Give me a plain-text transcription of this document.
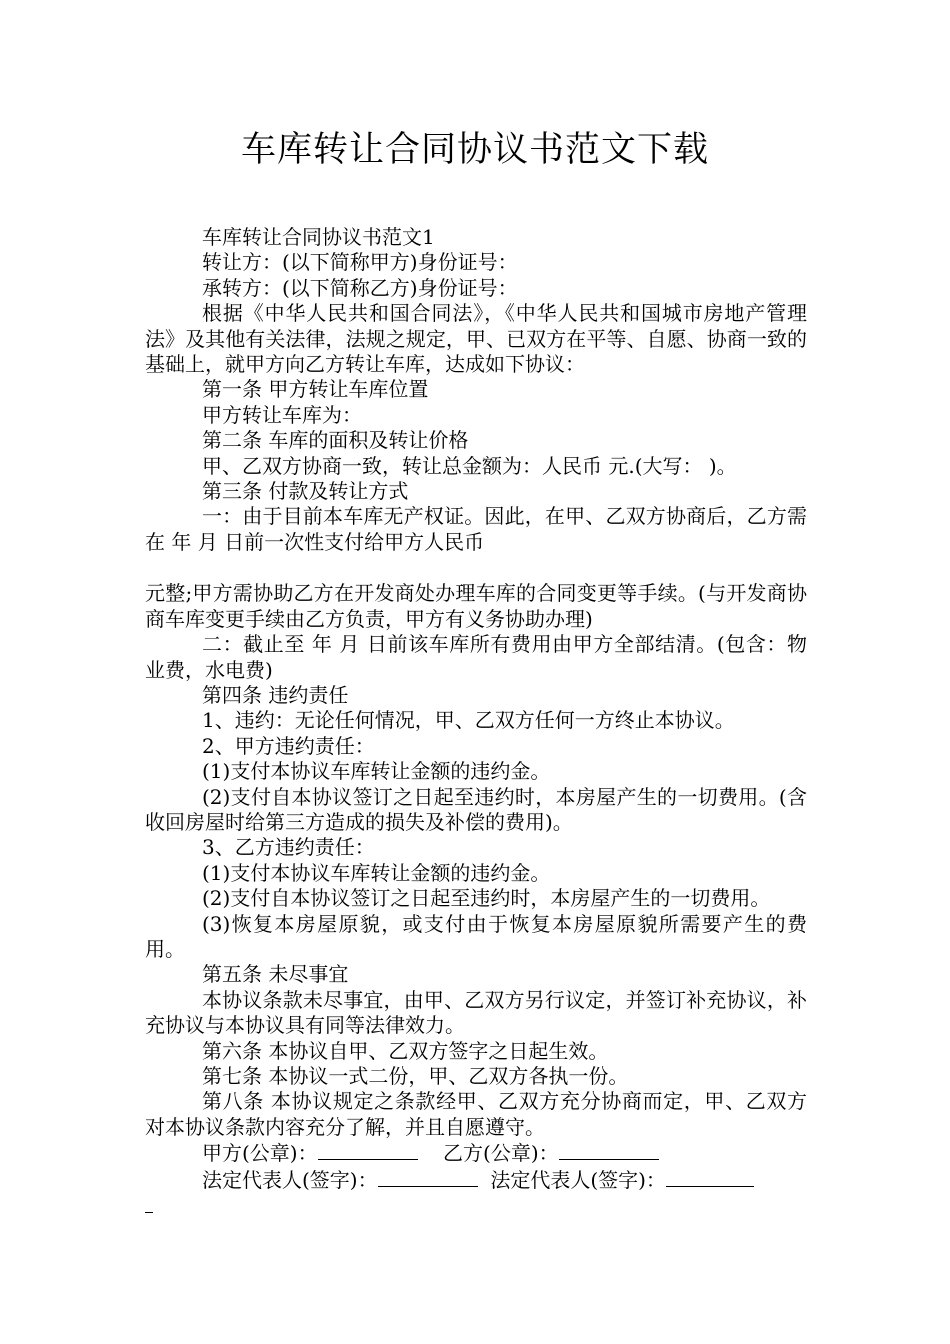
车库转让合同协议书范文下载

车库转让合同协议书范文1

转让方：(以下简称甲方)身份证号：

承转方：(以下简称乙方)身份证号：

根据《中华人民共和国合同法》，《中华人民共和国城市房地产管理法》及其他有关法律，法规之规定，甲、已双方在平等、自愿、协商一致的基础上，就甲方向乙方转让车库，达成如下协议：

第一条 甲方转让车库位置

甲方转让车库为：

第二条 车库的面积及转让价格

甲、乙双方协商一致，转让总金额为：人民币 元.(大写： )。

第三条 付款及转让方式

一：由于目前本车库无产权证。因此，在甲、乙双方协商后，乙方需在 年 月 日前一次性支付给甲方人民币

元整;甲方需协助乙方在开发商处办理车库的合同变更等手续。(与开发商协商车库变更手续由乙方负责，甲方有义务协助办理)

二：截止至 年 月 日前该车库所有费用由甲方全部结清。(包含：物业费，水电费)

第四条 违约责任

1、违约：无论任何情况，甲、乙双方任何一方终止本协议。

2、甲方违约责任：

(1)支付本协议车库转让金额的违约金。

(2)支付自本协议签订之日起至违约时，本房屋产生的一切费用。(含收回房屋时给第三方造成的损失及补偿的费用)。

3、乙方违约责任：

(1)支付本协议车库转让金额的违约金。

(2)支付自本协议签订之日起至违约时，本房屋产生的一切费用。

(3)恢复本房屋原貌，或支付由于恢复本房屋原貌所需要产生的费用。

第五条 未尽事宜

本协议条款未尽事宜，由甲、乙双方另行议定，并签订补充协议，补充协议与本协议具有同等法律效力。

第六条 本协议自甲、乙双方签字之日起生效。

第七条 本协议一式二份，甲、乙双方各执一份。

第八条 本协议规定之条款经甲、乙双方充分协商而定，甲、乙双方对本协议条款内容充分了解，并且自愿遵守。

甲方(公章)：	乙方(公章)：

法定代表人(签字)：	法定代表人(签字)：
